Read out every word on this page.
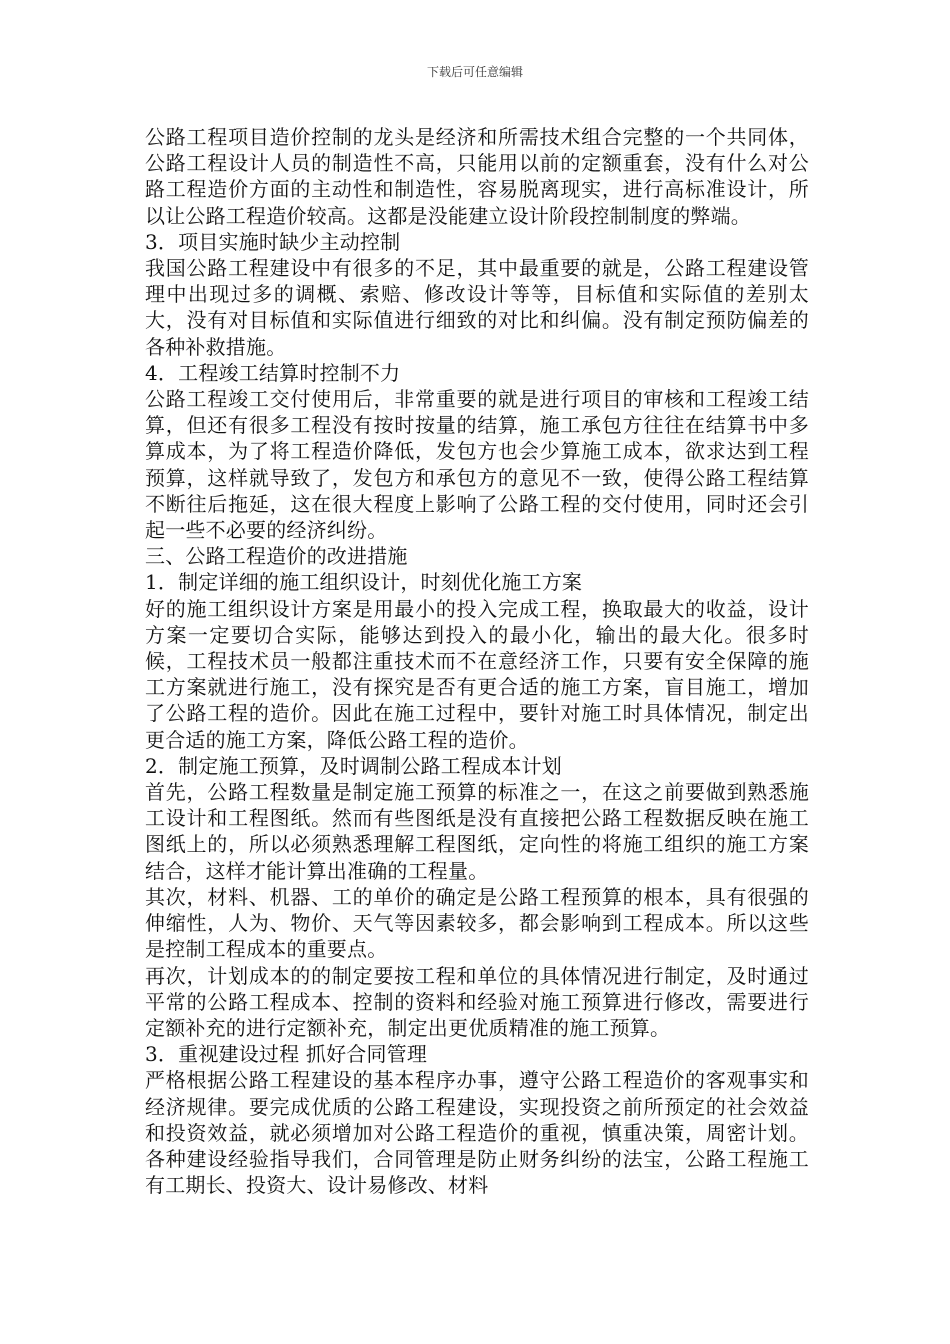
下载后可任意编辑

公路工程项目造价控制的龙头是经济和所需技术组合完整的一个共同体，公路工程设计人员的制造性不高，只能用以前的定额重套，没有什么对公路工程造价方面的主动性和制造性，容易脱离现实，进行高标准设计，所以让公路工程造价较高。这都是没能建立设计阶段控制制度的弊端。

3．项目实施时缺少主动控制

我国公路工程建设中有很多的不足，其中最重要的就是，公路工程建设管理中出现过多的调概、索赔、修改设计等等，目标值和实际值的差别太大，没有对目标值和实际值进行细致的对比和纠偏。没有制定预防偏差的各种补救措施。

4．工程竣工结算时控制不力

公路工程竣工交付使用后，非常重要的就是进行项目的审核和工程竣工结算，但还有很多工程没有按时按量的结算，施工承包方往往在结算书中多算成本，为了将工程造价降低，发包方也会少算施工成本，欲求达到工程预算，这样就导致了，发包方和承包方的意见不一致，使得公路工程结算不断往后拖延，这在很大程度上影响了公路工程的交付使用，同时还会引起一些不必要的经济纠纷。

三、公路工程造价的改进措施

1．制定详细的施工组织设计，时刻优化施工方案

好的施工组织设计方案是用最小的投入完成工程，换取最大的收益，设计方案一定要切合实际，能够达到投入的最小化，输出的最大化。很多时候，工程技术员一般都注重技术而不在意经济工作，只要有安全保障的施工方案就进行施工，没有探究是否有更合适的施工方案，盲目施工，增加了公路工程的造价。因此在施工过程中，要针对施工时具体情况，制定出更合适的施工方案，降低公路工程的造价。

2．制定施工预算，及时调制公路工程成本计划

首先，公路工程数量是制定施工预算的标准之一，在这之前要做到熟悉施工设计和工程图纸。然而有些图纸是没有直接把公路工程数据反映在施工图纸上的，所以必须熟悉理解工程图纸，定向性的将施工组织的施工方案结合，这样才能计算出准确的工程量。

其次，材料、机器、工的单价的确定是公路工程预算的根本，具有很强的伸缩性，人为、物价、天气等因素较多，都会影响到工程成本。所以这些是控制工程成本的重要点。

再次，计划成本的的制定要按工程和单位的具体情况进行制定，及时通过平常的公路工程成本、控制的资料和经验对施工预算进行修改，需要进行定额补充的进行定额补充，制定出更优质精准的施工预算。

3．重视建设过程 抓好合同管理

严格根据公路工程建设的基本程序办事，遵守公路工程造价的客观事实和经济规律。要完成优质的公路工程建设，实现投资之前所预定的社会效益和投资效益，就必须增加对公路工程造价的重视，慎重决策，周密计划。各种建设经验指导我们，合同管理是防止财务纠纷的法宝，公路工程施工有工期长、投资大、设计易修改、材料
